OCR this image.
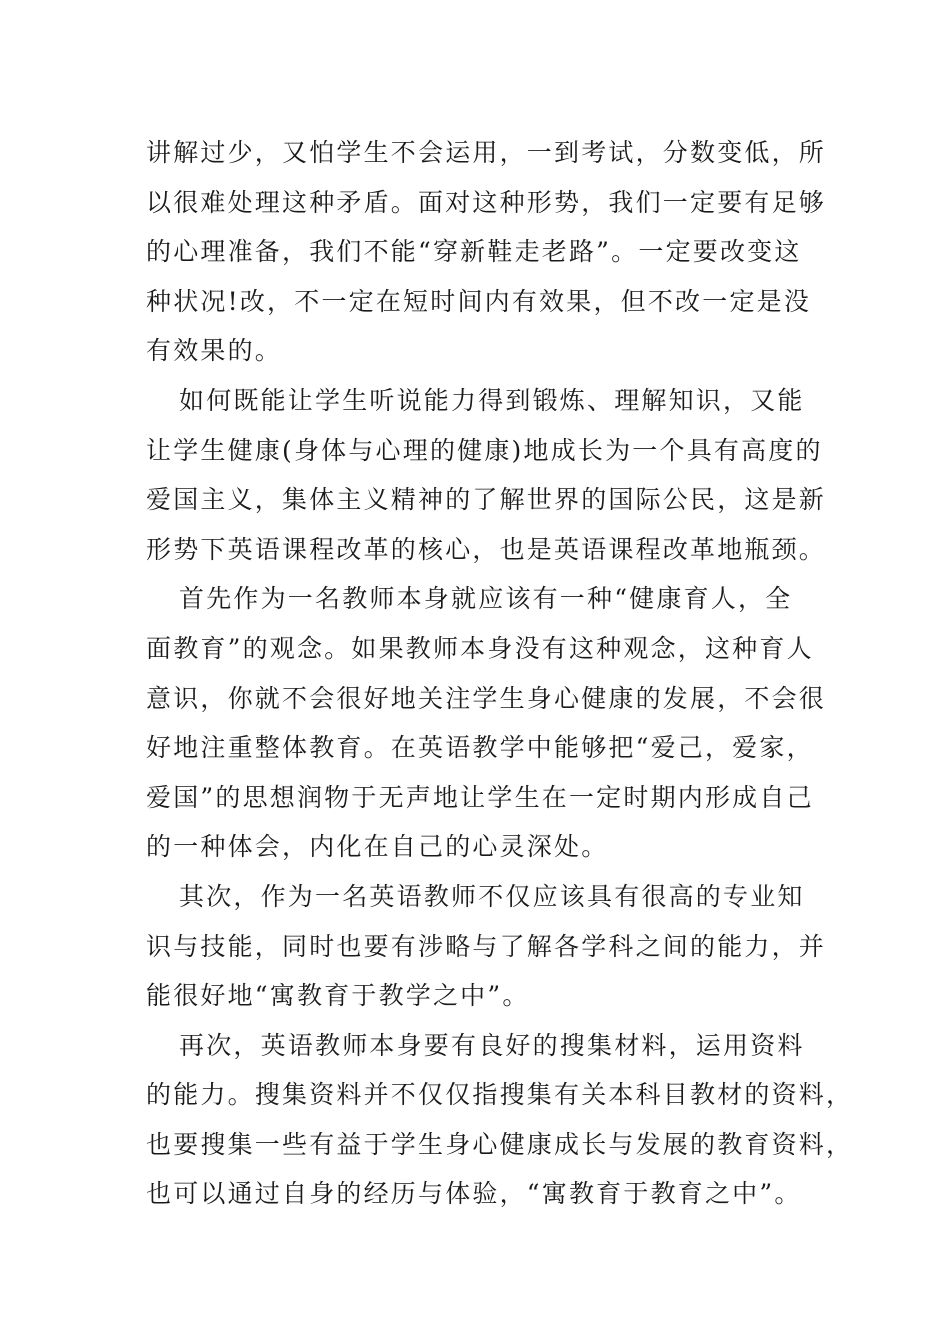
讲解过少，又怕学生不会运用，一到考试，分数变低，所
以很难处理这种矛盾。面对这种形势，我们一定要有足够
的心理准备，我们不能“穿新鞋走老路”。一定要改变这
种状况!改，不一定在短时间内有效果，但不改一定是没
有效果的。
如何既能让学生听说能力得到锻炼、理解知识，又能
让学生健康(身体与心理的健康)地成长为一个具有高度的
爱国主义，集体主义精神的了解世界的国际公民，这是新
形势下英语课程改革的核心，也是英语课程改革地瓶颈。
首先作为一名教师本身就应该有一种“健康育人，全
面教育”的观念。如果教师本身没有这种观念，这种育人
意识，你就不会很好地关注学生身心健康的发展，不会很
好地注重整体教育。在英语教学中能够把“爱己，爱家，
爱国”的思想润物于无声地让学生在一定时期内形成自己
的一种体会，内化在自己的心灵深处。
其次，作为一名英语教师不仅应该具有很高的专业知
识与技能，同时也要有涉略与了解各学科之间的能力，并
能很好地“寓教育于教学之中”。
再次，英语教师本身要有良好的搜集材料，运用资料
的能力。搜集资料并不仅仅指搜集有关本科目教材的资料，
也要搜集一些有益于学生身心健康成长与发展的教育资料，
也可以通过自身的经历与体验，“寓教育于教育之中”。
